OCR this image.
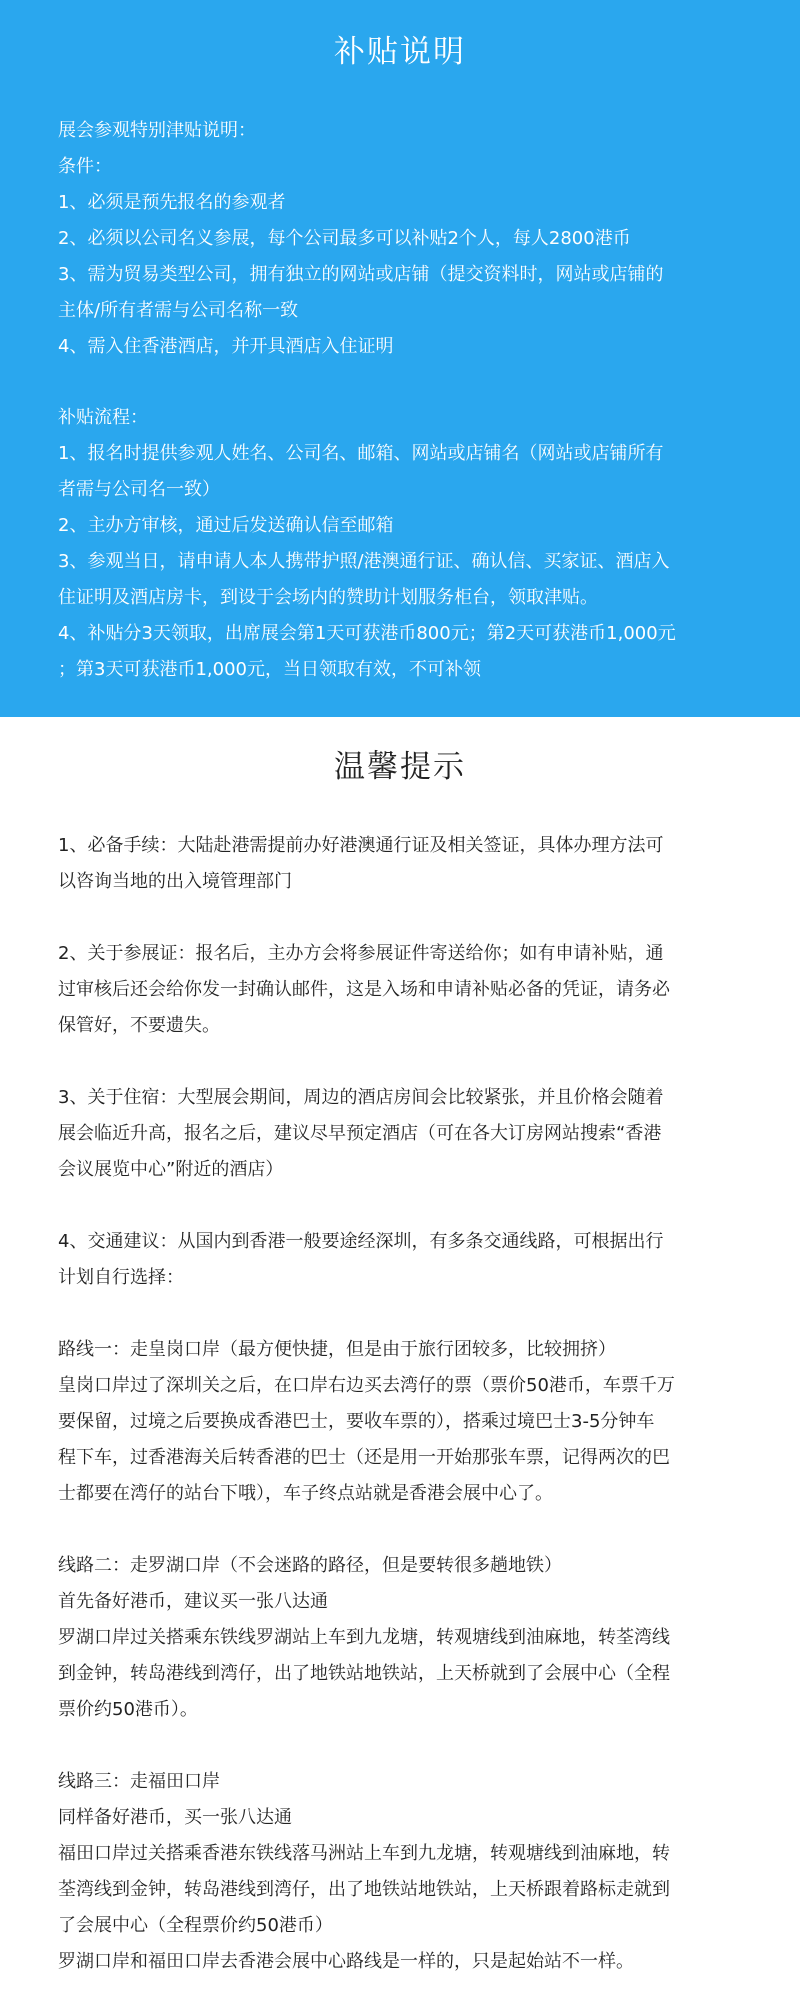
补贴说明
展会参观特别津贴说明：
条件：
1、必须是预先报名的参观者
2、必须以公司名义参展，每个公司最多可以补贴2个人，每人2800港币
3、需为贸易类型公司，拥有独立的网站或店铺（提交资料时，网站或店铺的
主体/所有者需与公司名称一致
4、需入住香港酒店，并开具酒店入住证明
补贴流程：
1、报名时提供参观人姓名、公司名、邮箱、网站或店铺名（网站或店铺所有
者需与公司名一致）
2、主办方审核，通过后发送确认信至邮箱
3、参观当日，请申请人本人携带护照/港澳通行证、确认信、买家证、酒店入
住证明及酒店房卡，到设于会场内的赞助计划服务柜台，领取津贴。
4、补贴分3天领取，出席展会第1天可获港币800元；第2天可获港币1,000元
；第3天可获港币1,000元，当日领取有效，不可补领
温馨提示
1、必备手续：大陆赴港需提前办好港澳通行证及相关签证，具体办理方法可
以咨询当地的出入境管理部门
2、关于参展证：报名后，主办方会将参展证件寄送给你；如有申请补贴，通
过审核后还会给你发一封确认邮件，这是入场和申请补贴必备的凭证，请务必
保管好，不要遗失。
3、关于住宿：大型展会期间，周边的酒店房间会比较紧张，并且价格会随着
展会临近升高，报名之后，建议尽早预定酒店（可在各大订房网站搜索“香港
会议展览中心”附近的酒店）
4、交通建议：从国内到香港一般要途经深圳，有多条交通线路，可根据出行
计划自行选择：
路线一：走皇岗口岸（最方便快捷，但是由于旅行团较多，比较拥挤）
皇岗口岸过了深圳关之后，在口岸右边买去湾仔的票（票价50港币，车票千万
要保留，过境之后要换成香港巴士，要收车票的），搭乘过境巴士3-5分钟车
程下车，过香港海关后转香港的巴士（还是用一开始那张车票，记得两次的巴
士都要在湾仔的站台下哦），车子终点站就是香港会展中心了。
线路二：走罗湖口岸（不会迷路的路径，但是要转很多趟地铁）
首先备好港币，建议买一张八达通
罗湖口岸过关搭乘东铁线罗湖站上车到九龙塘，转观塘线到油麻地，转荃湾线
到金钟，转岛港线到湾仔，出了地铁站地铁站，上天桥就到了会展中心（全程
票价约50港币）。
线路三：走福田口岸
同样备好港币，买一张八达通
福田口岸过关搭乘香港东铁线落马洲站上车到九龙塘，转观塘线到油麻地，转
荃湾线到金钟，转岛港线到湾仔，出了地铁站地铁站，上天桥跟着路标走就到
了会展中心（全程票价约50港币）
罗湖口岸和福田口岸去香港会展中心路线是一样的，只是起始站不一样。
